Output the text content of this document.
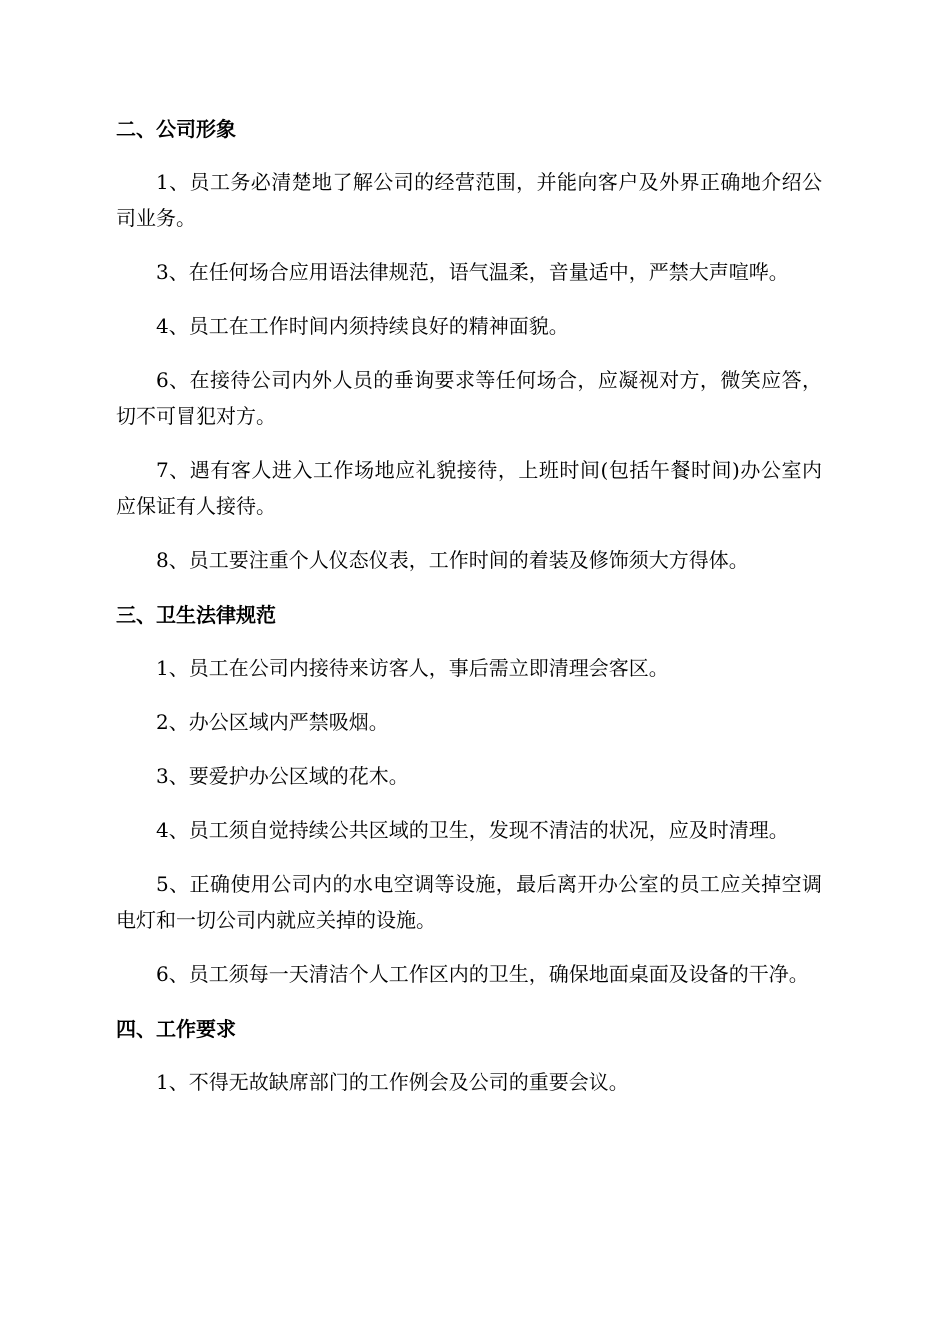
二、公司形象

1、员工务必清楚地了解公司的经营范围，并能向客户及外界正确地介绍公司业务。

3、在任何场合应用语法律规范，语气温柔，音量适中，严禁大声喧哗。

4、员工在工作时间内须持续良好的精神面貌。

6、在接待公司内外人员的垂询要求等任何场合，应凝视对方，微笑应答，切不可冒犯对方。

7、遇有客人进入工作场地应礼貌接待，上班时间(包括午餐时间)办公室内应保证有人接待。

8、员工要注重个人仪态仪表，工作时间的着装及修饰须大方得体。

三、卫生法律规范

1、员工在公司内接待来访客人，事后需立即清理会客区。

2、办公区域内严禁吸烟。

3、要爱护办公区域的花木。

4、员工须自觉持续公共区域的卫生，发现不清洁的状况，应及时清理。

5、正确使用公司内的水电空调等设施，最后离开办公室的员工应关掉空调电灯和一切公司内就应关掉的设施。

6、员工须每一天清洁个人工作区内的卫生，确保地面桌面及设备的干净。

四、工作要求

1、不得无故缺席部门的工作例会及公司的重要会议。
